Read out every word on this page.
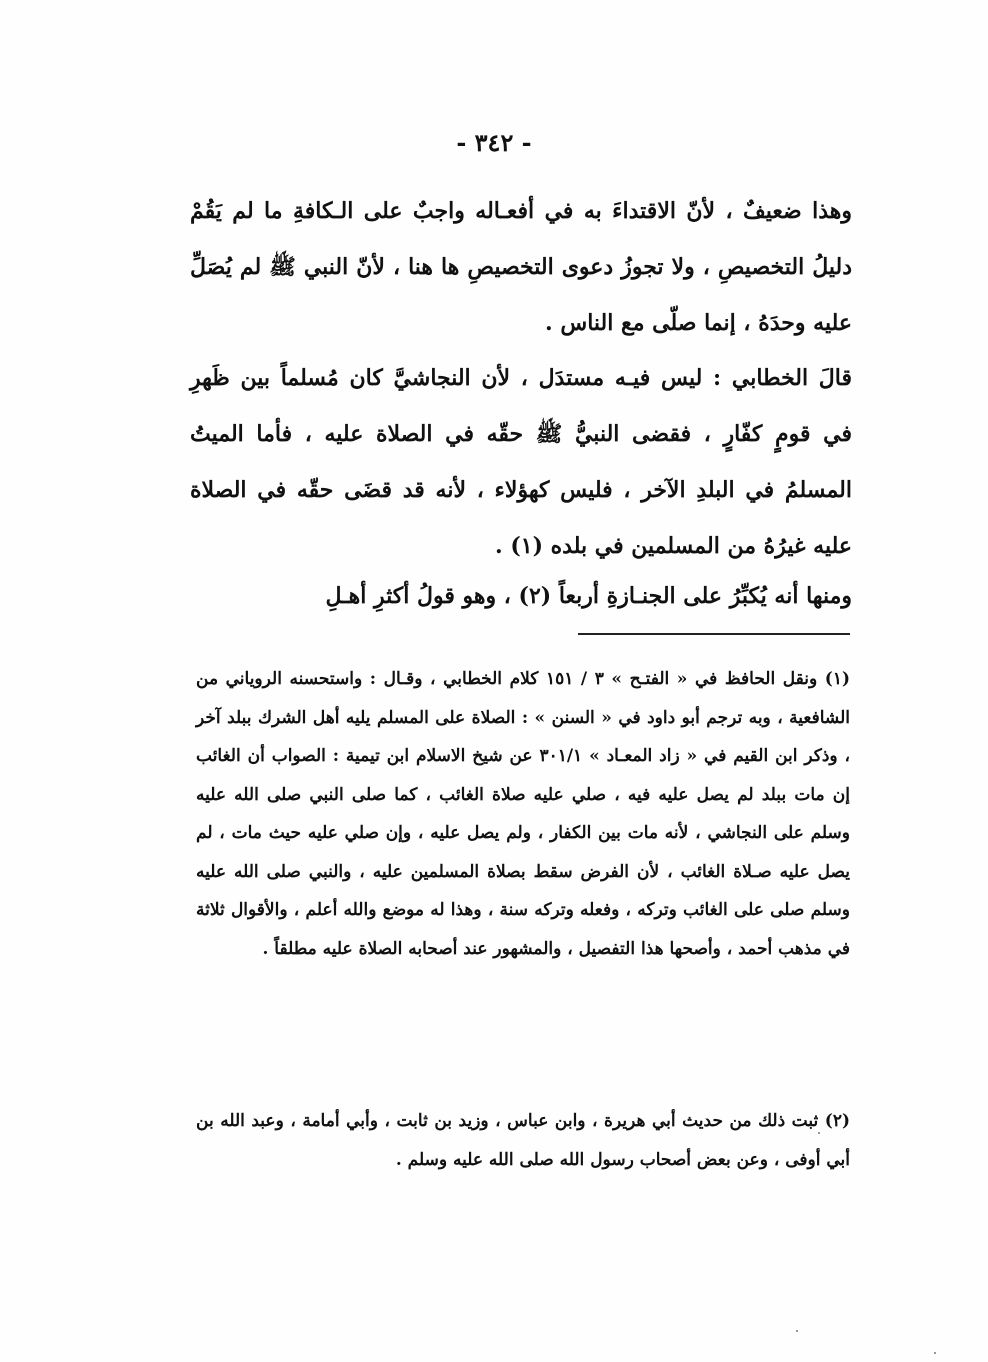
- ٣٤٢ -

وهذا ضعيفٌ ، لأنّ الاقتداءَ به في أفعـاله واجبٌ على الـكافةِ ما لم يَقُمْ دليلُ التخصيصِ ، ولا تجوزُ دعوى التخصيصِ ها هنا ، لأنّ النبي ﷺ لم يُصَلِّ عليه وحدَهُ ، إنما صلّى مع الناس .

قالَ الخطابي : ليس فيـه مستدَل ، لأن النجاشيَّ كان مُسلماً بين ظَهرِ في قومٍ كفّارٍ ، فقضى النبيُّ ﷺ حقّه في الصلاة عليه ، فأما الميتُ المسلمُ في البلدِ الآخر ، فليس كهؤلاء ، لأنه قد قضَى حقّه في الصلاة عليه غيرُهُ من المسلمين في بلده (١) .

ومنها أنه يُكبِّرُ على الجنـازةِ أربعاً (٢) ، وهو قولُ أكثرِ أهـلِ

(١) ونقل الحافظ في « الفتـح » ٣ / ١٥١ كلام الخطابي ، وقـال : واستحسنه الروياني من الشافعية ، وبه ترجم أبو داود في « السنن » : الصلاة على المسلم يليه أهل الشرك ببلد آخر ، وذكر ابن القيم في « زاد المعـاد » ٣٠١/١ عن شيخ الاسلام ابن تيمية : الصواب أن الغائب إن مات ببلد لم يصل عليه فيه ، صلي عليه صلاة الغائب ، كما صلى النبي صلى الله عليه وسلم على النجاشي ، لأنه مات بين الكفار ، ولم يصل عليه ، وإن صلي عليه حيث مات ، لم يصل عليه صـلاة الغائب ، لأن الفرض سقط بصلاة المسلمين عليه ، والنبي صلى الله عليه وسلم صلى على الغائب وتركه ، وفعله وتركه سنة ، وهذا له موضع والله أعلم ، والأقوال ثلاثة في مذهب أحمد ، وأصحها هذا التفصيل ، والمشهور عند أصحابه الصلاة عليه مطلقاً .

(٢) ثبت ذلك من حديث أبي هريرة ، وابن عباس ، وزيد بن ثابت ، وأبي أمامة ، وعبد الله بن أبي أوفى ، وعن بعض أصحاب رسول الله صلى الله عليه وسلم .
